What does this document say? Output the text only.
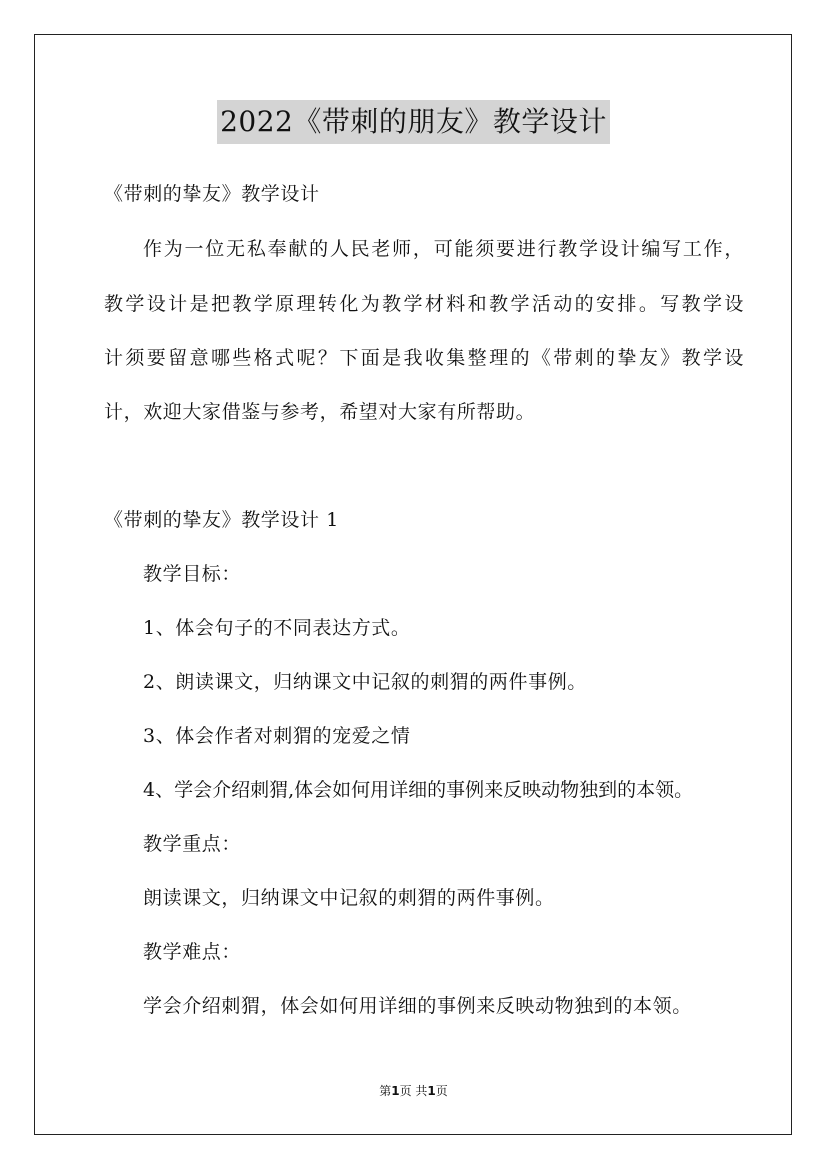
2022《带刺的朋友》教学设计
《带刺的挚友》教学设计
作为一位无私奉献的人民老师，可能须要进行教学设计编写工作，
教学设计是把教学原理转化为教学材料和教学活动的安排。写教学设
计须要留意哪些格式呢？下面是我收集整理的《带刺的挚友》教学设
计，欢迎大家借鉴与参考，希望对大家有所帮助。
《带刺的挚友》教学设计 1
教学目标：
1、体会句子的不同表达方式。
2、朗读课文，归纳课文中记叙的刺猬的两件事例。
3、体会作者对刺猬的宠爱之情
4、学会介绍刺猬,体会如何用详细的事例来反映动物独到的本领。
教学重点：
朗读课文，归纳课文中记叙的刺猬的两件事例。
教学难点：
学会介绍刺猬，体会如何用详细的事例来反映动物独到的本领。
第1页 共1页
